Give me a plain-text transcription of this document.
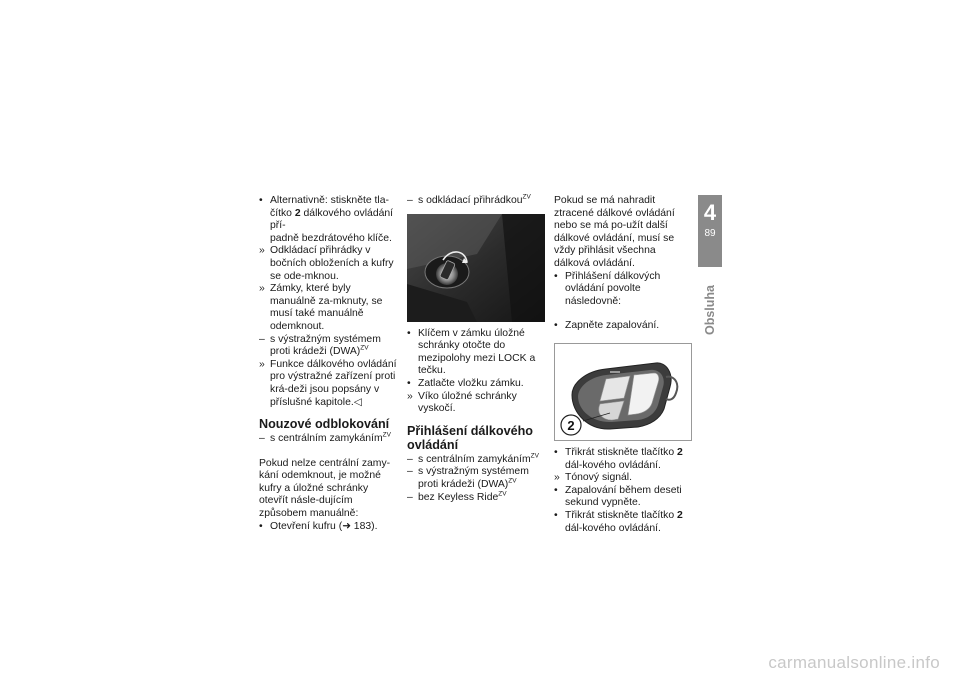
• Alternativně: stiskněte tla-
čítko 2 dálkového ovládání pří-
padně bezdrátového klíče.
» Odkládací přihrádky v bočních obloženích a kufry se ode-mknou.
» Zámky, které byly manuálně za-mknuty, se musí také manuálně odemknout.
– s výstražným systémem proti krádeži (DWA)$^{ZV}$
» Funkce dálkového ovládání pro výstražné zařízení proti krá-deži jsou popsány v příslušné kapitole.◁
Nouzové odblokování
– s centrálním zamykáním$^{ZV}$

Pokud nelze centrální zamy-kání odemknout, je možné kufry a úložné schránky otevřít násle-dujícím způsobem manuálně:

• Otevření kufru (➜ 183).
– s odkládací přihrádkou$^{ZV}$
• Klíčem v zámku úložné schránky otočte do mezipolohy mezi LOCK a tečku.
• Zatlačte vložku zámku.
» Víko úložné schránky vyskočí.
Přihlášení dálkového ovládání
– s centrálním zamykáním$^{ZV}$
– s výstražným systémem proti krádeži (DWA)$^{ZV}$
– bez Keyless Ride$^{ZV}$

Pokud se má nahradit ztracené dálkové ovládání nebo se má po-užít další dálkové ovládání, musí se vždy přihlásit všechna dálková ovládání.

• Přihlášení dálkových ovládání povolte následovně:
• Zapněte zapalování.
2
• Třikrát stiskněte tlačítko 2 dál-kového ovládání.
» Tónový signál.
• Zapalování během deseti sekund vypněte.
• Třikrát stiskněte tlačítko 2 dál-kového ovládání.
4
89
Obsluha
carmanualsonline.info
